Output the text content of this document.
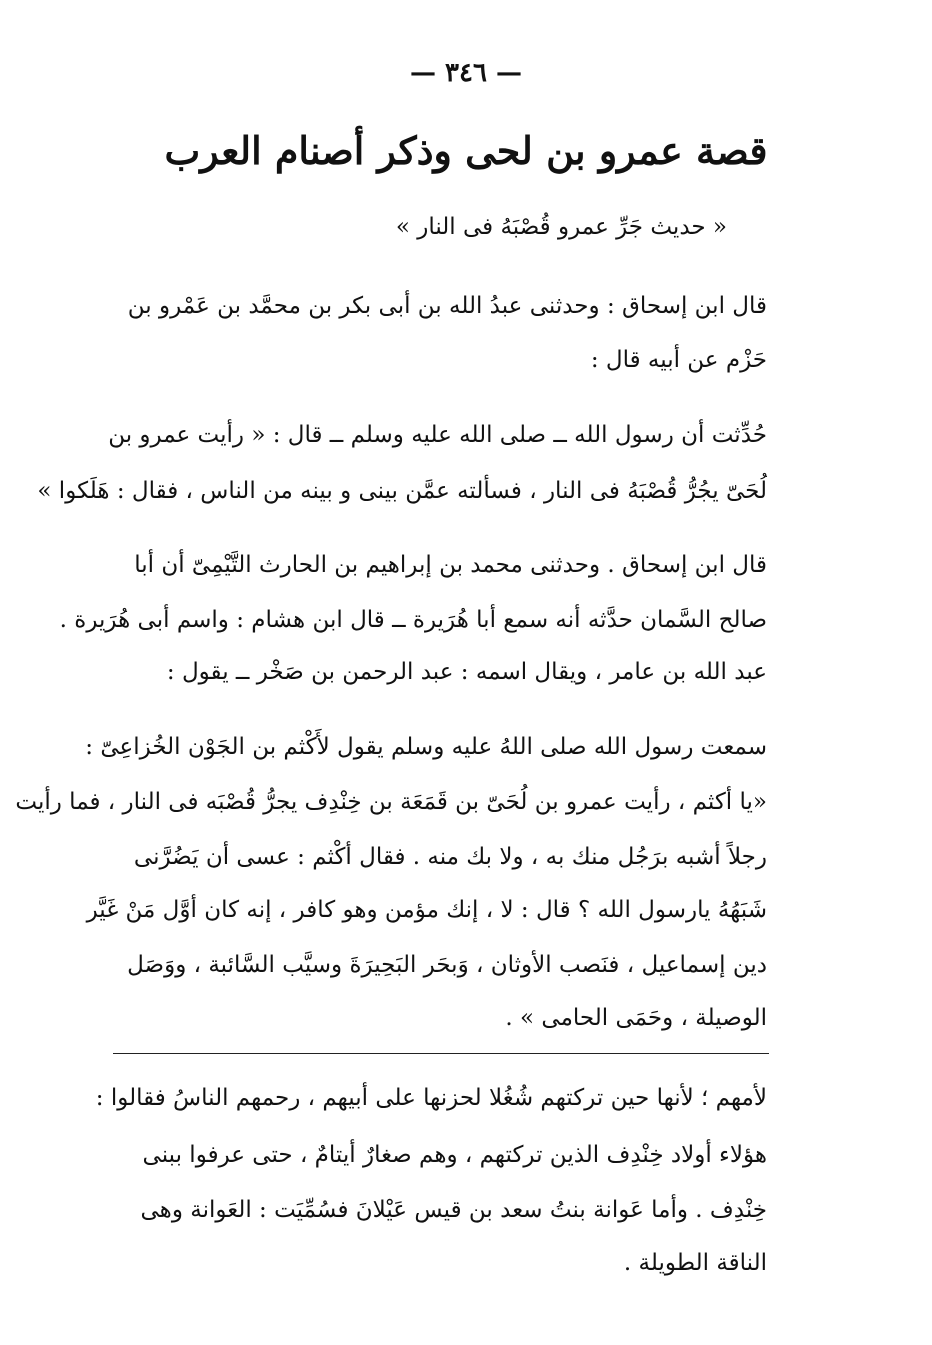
— ٣٤٦ —
قصة عمرو بن لحى وذكر أصنام العرب
« حديث جَرِّ عمرو قُصْبَهُ فى النار »
قال ابن إسحاق : وحدثنى عبدُ الله بن أبى بكر بن محمَّد بن عَمْرو بن
حَزْم عن أبيه قال :
حُدِّثت أن رسول الله ــ صلى الله عليه وسلم ــ قال : « رأيت عمرو بن
لُحَىّ يجُرُّ قُصْبَهُ فى النار ، فسألته عمَّن بينى و بينه من الناس ، فقال : هَلَكوا »
قال ابن إسحاق . وحدثنى محمد بن إبراهيم بن الحارث التَّيْمِىّ أن أبا
صالح السَّمان حدَّثه أنه سمع أبا هُرَيرة ــ قال ابن هشام : واسم أبى هُرَيرة .
عبد الله بن عامر ، ويقال اسمه : عبد الرحمن بن صَخْر ــ يقول :
سمعت رسول الله صلى اللهُ عليه وسلم يقول لأَكْثم بن الجَوْن الخُزاعِىّ :
«يا أكثم ، رأيت عمرو بن لُحَىّ بن قَمَعَة بن خِنْدِف يجرُّ قُصْبَه فى النار ، فما رأيت
رجلاً أشبه برَجُل منك به ، ولا بك منه . فقال أكْثم : عسى أن يَضُرَّنى
شَبَهُهُ يارسول الله ؟ قال : لا ، إنك مؤمن وهو كافر ، إنه كان أوَّل مَنْ غَيَّر
دين إسماعيل ، فنَصب الأوثان ، وَبحَر البَحِيرَةَ وسيَّب السَّائبة ، ووَصَل
الوصيلة ، وحَمَى الحامى » .
لأمهم ؛ لأنها حين تركتهم شُغُلا لحزنها على أبيهم ، رحمهم الناسُ فقالوا :
هؤلاء أولاد خِنْدِف الذين تركتهم ، وهم صغارٌ أيتامٌ ، حتى عرفوا ببنى
خِنْدِف . وأما عَوانة بنتُ سعد بن قيس عَيْلانَ فسُمِّيَت : العَوانة وهى
الناقة الطويلة .
